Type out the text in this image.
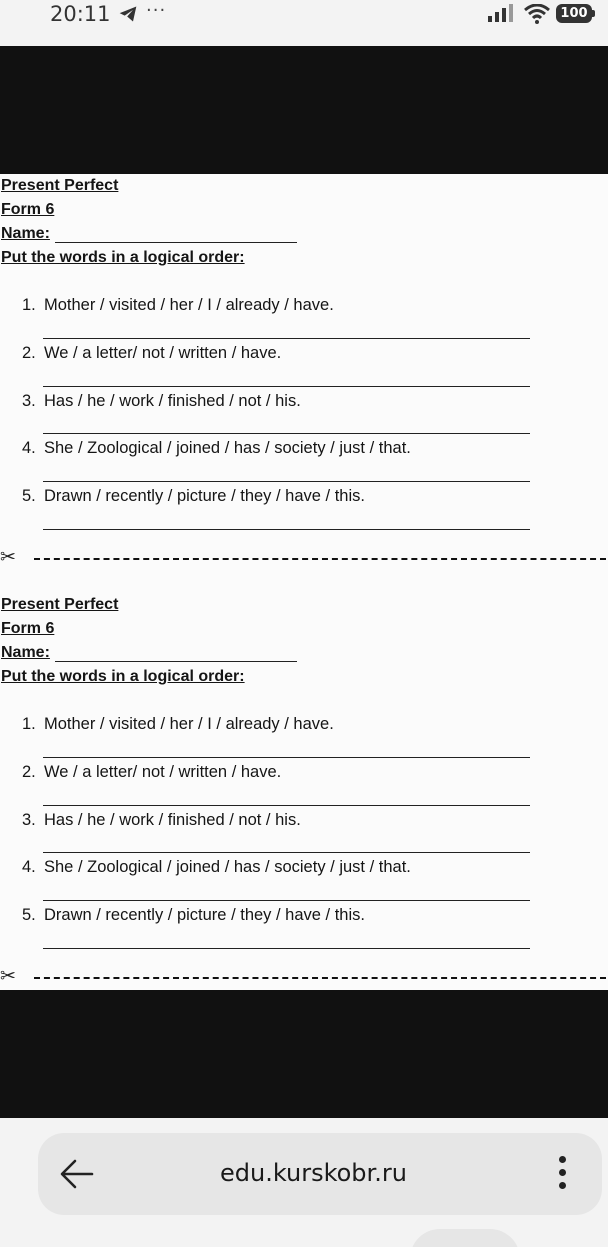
20:11 ···	100
Present Perfect
Form 6
Name:
Put the words in a logical order:
1. Mother / visited / her / I / already / have.
2. We / a letter/ not / written / have.
3. Has / he / work / finished / not / his.
4. She / Zoological / joined / has / society / just / that.
5. Drawn / recently / picture / they / have / this.
✂
Present Perfect
Form 6
Name:
Put the words in a logical order:
1. Mother / visited / her / I / already / have.
2. We / a letter/ not / written / have.
3. Has / he / work / finished / not / his.
4. She / Zoological / joined / has / society / just / that.
5. Drawn / recently / picture / they / have / this.
✂
edu.kurskobr.ru
